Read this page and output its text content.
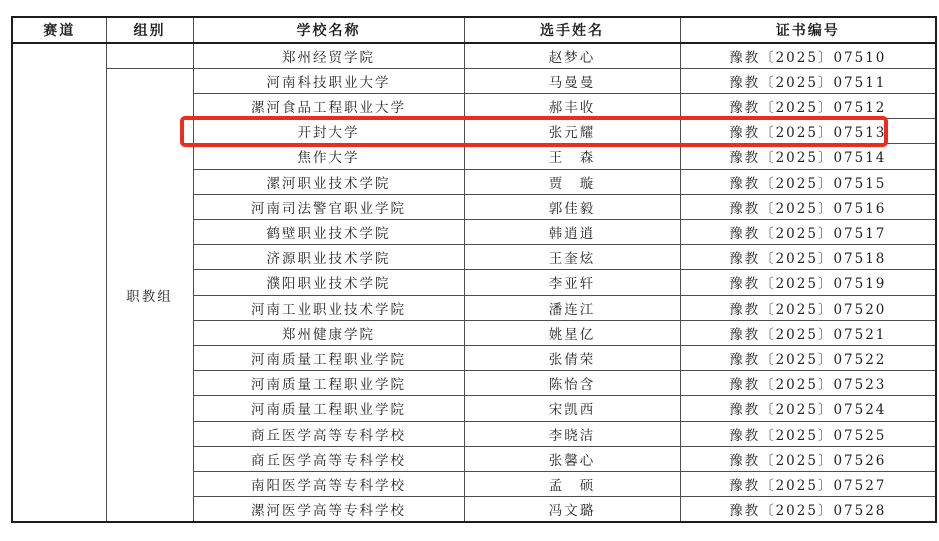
赛道	组别	学校名称	选手姓名	证书编号
		郑州经贸学院	赵梦心	豫教〔2025〕07510
	职教组	河南科技职业大学	马曼曼	豫教〔2025〕07511
		漯河食品工程职业大学	郝丰收	豫教〔2025〕07512
		开封大学	张元耀	豫教〔2025〕07513
		焦作大学	王　森	豫教〔2025〕07514
		漯河职业技术学院	贾　璇	豫教〔2025〕07515
		河南司法警官职业学院	郭佳毅	豫教〔2025〕07516
		鹤壁职业技术学院	韩逍逍	豫教〔2025〕07517
		济源职业技术学院	王奎炫	豫教〔2025〕07518
		濮阳职业技术学院	李亚轩	豫教〔2025〕07519
		河南工业职业技术学院	潘连江	豫教〔2025〕07520
		郑州健康学院	姚星亿	豫教〔2025〕07521
		河南质量工程职业学院	张倩荣	豫教〔2025〕07522
		河南质量工程职业学院	陈怡含	豫教〔2025〕07523
		河南质量工程职业学院	宋凯西	豫教〔2025〕07524
		商丘医学高等专科学校	李晓洁	豫教〔2025〕07525
		商丘医学高等专科学校	张馨心	豫教〔2025〕07526
		南阳医学高等专科学校	孟　硕	豫教〔2025〕07527
		漯河医学高等专科学校	冯文璐	豫教〔2025〕07528
